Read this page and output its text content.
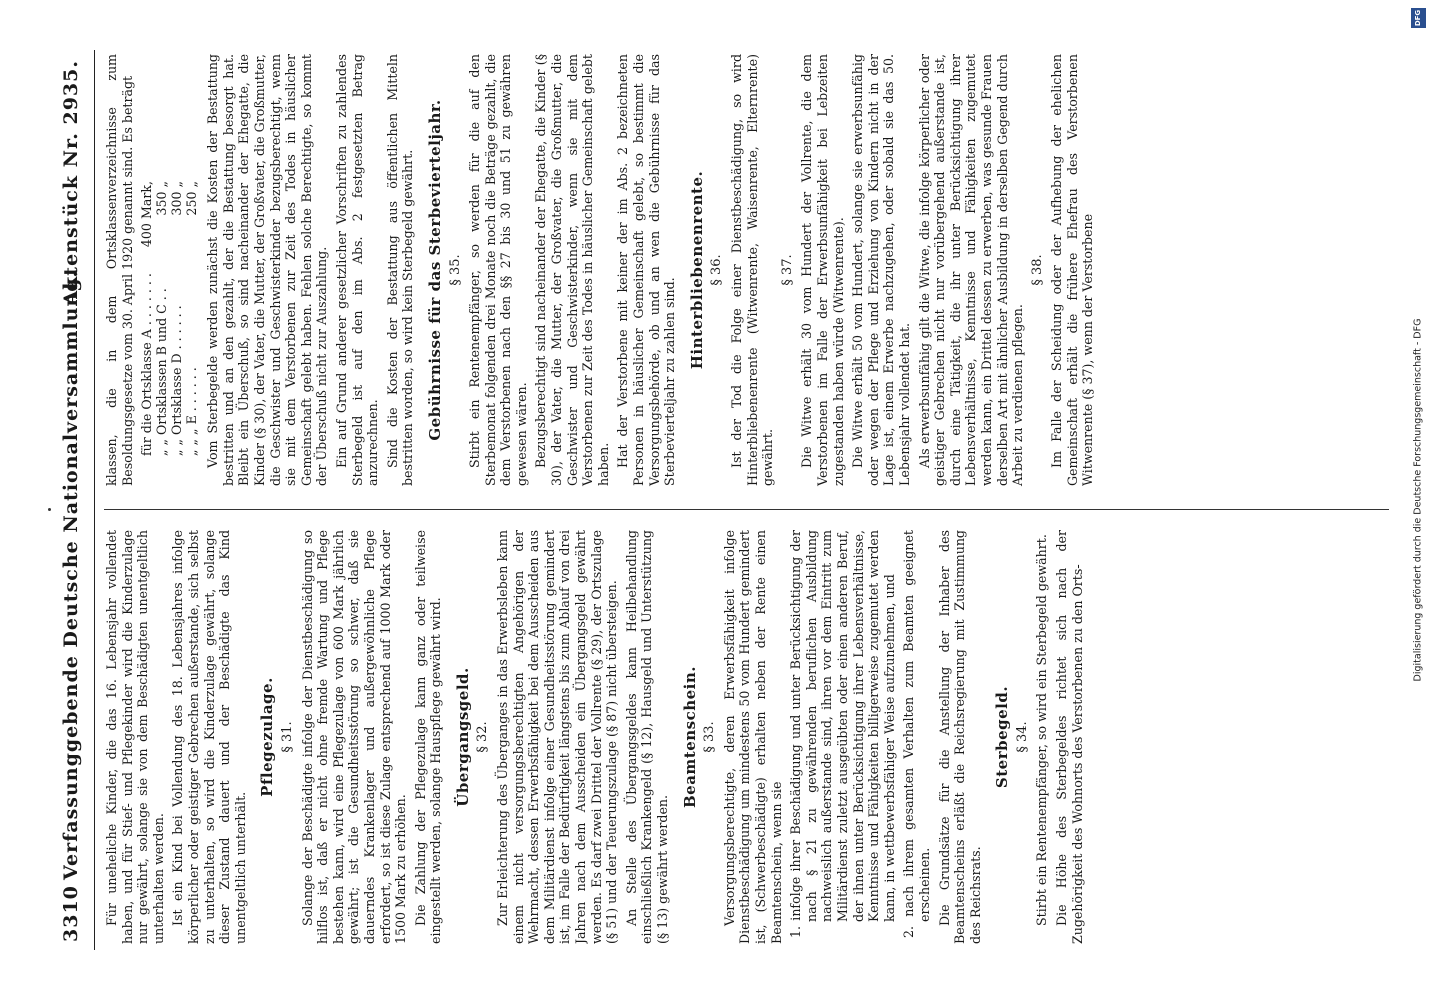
3310
Verfassunggebende Deutsche Nationalversammlung.
Aktenstück Nr. 2935.

Für uneheliche Kinder, die das 16. Lebensjahr vollendet haben, und für Stief- und Pflegekinder wird die Kinderzulage nur gewährt, solange sie von dem Beschädigten unentgeltlich unterhalten werden. Ist ein Kind bei Vollendung des 18. Lebensjahres infolge körperlicher oder geistiger Gebrechen außerstande, sich selbst zu unterhalten, so wird die Kinderzulage gewährt, solange dieser Zustand dauert und der Beschädigte das Kind unentgeltlich unterhält.

Pflegezulage. § 31. Solange der Beschädigte infolge der Dienstbeschädigung so hilflos ist, daß er nicht ohne fremde Wartung und Pflege bestehen kann, wird eine Pflegezulage von 600 Mark jährlich gewährt; ist die Gesundheitsstörung so schwer, daß sie dauerndes Krankenlager und außergewöhnliche Pflege erfordert, so ist diese Zulage entsprechend auf 1000 Mark oder 1500 Mark zu erhöhen. Die Zahlung der Pflegezulage kann ganz oder teilweise eingestellt werden, solange Hauspflege gewährt wird. Übergangsgeld. § 32. Zur Erleichterung des Überganges in das Erwerbsleben kann einem nicht versorgungsberechtigten Angehörigen der Wehrmacht, dessen Erwerbsfähigkeit bei dem Ausscheiden aus dem Militärdienst infolge einer Gesundheitsstörung gemindert ist, im Falle der Bedürftigkeit längstens bis zum Ablauf von drei Jahren nach dem Ausscheiden ein Übergangsgeld gewährt werden. Es darf zwei Drittel der Vollrente (§ 29), der Ortszulage (§ 51) und der Teuerungszulage (§ 87) nicht übersteigen. An Stelle des Übergangsgeldes kann Heilbehandlung einschließlich Krankengeld (§ 12), Hausgeld und Unterstützung (§ 13) gewährt werden.

Beamtenschein. § 33. Versorgungsberechtigte, deren Erwerbsfähigkeit infolge Dienstbeschädigung um mindestens 50 vom Hundert gemindert ist, (Schwerbeschädigte) erhalten neben der Rente einen Beamtenschein, wenn sie 1. infolge ihrer Beschädigung und unter Berücksichtigung der nach § 21 zu gewährenden beruflichen Ausbildung nachweislich außerstande sind, ihren vor dem Eintritt zum Militärdienst zuletzt ausgeübten oder einen anderen Beruf, der ihnen unter Berücksichtigung ihrer Lebensverhältnisse, Kenntnisse und Fähigkeiten billigerweise zugemutet werden kann, in wettbewerbsfähiger Weise aufzunehmen, und 2. nach ihrem gesamten Verhalten zum Beamten geeignet erscheinen. Die Grundsätze für die Anstellung der Inhaber des Beamtenscheins erläßt die Reichsregierung mit Zustimmung des Reichsrats.

Sterbegeld. § 34. Stirbt ein Rentenempfänger, so wird ein Sterbegeld gewährt. Die Höhe des Sterbegeldes richtet sich nach der Zugehörigkeit des Wohnorts des Verstorbenen zu den Orts-

klassen, die in dem Ortsklassenverzeichnisse zum Besoldungsgesetze vom 30. April 1920 genannt sind. Es beträgt für die Ortsklasse A . . . . . . .	400 Mark,
„ „ Ortsklassen B und C . .	350 „
„ „ Ortsklasse D . . . . . .	300 „
„ „ „ E . . . . . .	250 „ Vom Sterbegelde werden zunächst die Kosten der Bestattung bestritten und an den gezahlt, der die Bestattung besorgt hat. Bleibt ein Überschuß, so sind nacheinander der Ehegatte, die Kinder (§ 30), der Vater, die Mutter, der Großvater, die Großmutter, die Geschwister und Geschwisterkinder bezugsberechtigt, wenn sie mit dem Verstorbenen zur Zeit des Todes in häuslicher Gemeinschaft gelebt haben. Fehlen solche Berechtigte, so kommt der Überschuß nicht zur Auszahlung. Ein auf Grund anderer gesetzlicher Vorschriften zu zahlendes Sterbegeld ist auf den im Abs. 2 festgesetzten Betrag anzurechnen. Sind die Kosten der Bestattung aus öffentlichen Mitteln bestritten worden, so wird kein Sterbegeld gewährt. Gebührnisse für das Sterbevierteljahr. § 35. Stirbt ein Rentenempfänger, so werden für die auf den Sterbemonat folgenden drei Monate noch die Beträge gezahlt, die dem Verstorbenen nach den §§ 27 bis 30 und 51 zu gewähren gewesen wären. Bezugsberechtigt sind nacheinander der Ehegatte, die Kinder (§ 30), der Vater, die Mutter, der Großvater, die Großmutter, die Geschwister und Geschwisterkinder, wenn sie mit dem Verstorbenen zur Zeit des Todes in häuslicher Gemeinschaft gelebt haben. Hat der Verstorbene mit keiner der im Abs. 2 bezeichneten Personen in häuslicher Gemeinschaft gelebt, so bestimmt die Versorgungsbehörde, ob und an wen die Gebührnisse für das Sterbevierteljahr zu zahlen sind.

Hinterbliebenenrente. § 36. Ist der Tod die Folge einer Dienstbeschädigung, so wird Hinterbliebenenrente (Witwenrente, Waisenrente, Elternrente) gewährt.

§ 37. Die Witwe erhält 30 vom Hundert der Vollrente, die dem Verstorbenen im Falle der Erwerbsunfähigkeit bei Lebzeiten zugestanden haben würde (Witwenrente). Die Witwe erhält 50 vom Hundert, solange sie erwerbsunfähig oder wegen der Pflege und Erziehung von Kindern nicht in der Lage ist, einem Erwerbe nachzugehen, oder sobald sie das 50. Lebensjahr vollendet hat. Als erwerbsunfähig gilt die Witwe, die infolge körperlicher oder geistiger Gebrechen nicht nur vorübergehend außerstande ist, durch eine Tätigkeit, die ihr unter Berücksichtigung ihrer Lebensverhältnisse, Kenntnisse und Fähigkeiten zugemutet werden kann, ein Drittel dessen zu erwerben, was gesunde Frauen derselben Art mit ähnlicher Ausbildung in derselben Gegend durch Arbeit zu verdienen pflegen.

§ 38. Im Falle der Scheidung oder der Aufhebung der ehelichen Gemeinschaft erhält die frühere Ehefrau des Verstorbenen Witwenrente (§ 37), wenn der Verstorbene	Digitalisierung gefördert durch die Deutsche Forschungsgemeinschaft - DFG
DFG
